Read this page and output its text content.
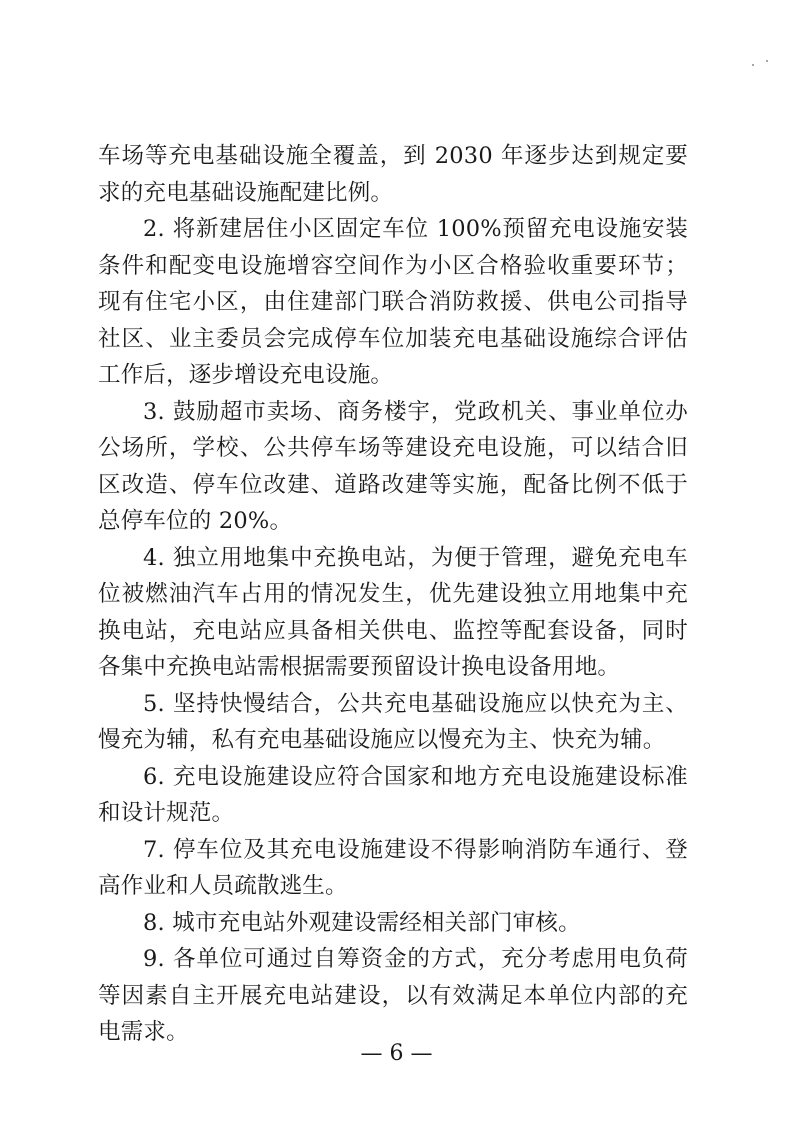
车场等充电基础设施全覆盖，到 2030 年逐步达到规定要求的充电基础设施配建比例。

2. 将新建居住小区固定车位 100%预留充电设施安装条件和配变电设施增容空间作为小区合格验收重要环节；现有住宅小区，由住建部门联合消防救援、供电公司指导社区、业主委员会完成停车位加装充电基础设施综合评估工作后，逐步增设充电设施。

3. 鼓励超市卖场、商务楼宇，党政机关、事业单位办公场所，学校、公共停车场等建设充电设施，可以结合旧区改造、停车位改建、道路改建等实施，配备比例不低于总停车位的 20%。

4. 独立用地集中充换电站，为便于管理，避免充电车位被燃油汽车占用的情况发生，优先建设独立用地集中充换电站，充电站应具备相关供电、监控等配套设备，同时各集中充换电站需根据需要预留设计换电设备用地。

5. 坚持快慢结合，公共充电基础设施应以快充为主、慢充为辅，私有充电基础设施应以慢充为主、快充为辅。

6. 充电设施建设应符合国家和地方充电设施建设标准和设计规范。

7. 停车位及其充电设施建设不得影响消防车通行、登高作业和人员疏散逃生。

8. 城市充电站外观建设需经相关部门审核。

9. 各单位可通过自筹资金的方式，充分考虑用电负荷等因素自主开展充电站建设，以有效满足本单位内部的充电需求。

— 6 —
